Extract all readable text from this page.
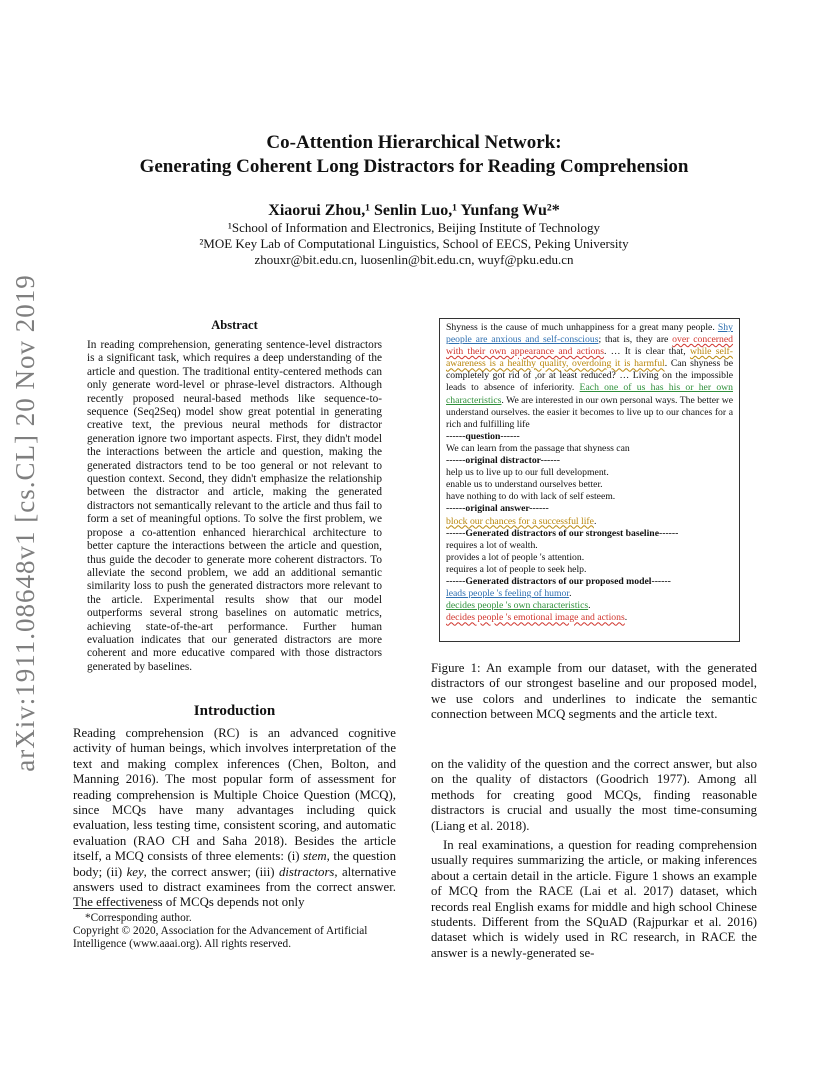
arXiv:1911.08648v1 [cs.CL] 20 Nov 2019
Co-Attention Hierarchical Network:
Generating Coherent Long Distractors for Reading Comprehension
Xiaorui Zhou,¹ Senlin Luo,¹ Yunfang Wu²*
¹School of Information and Electronics, Beijing Institute of Technology
²MOE Key Lab of Computational Linguistics, School of EECS, Peking University
zhouxr@bit.edu.cn, luosenlin@bit.edu.cn, wuyf@pku.edu.cn
Abstract

In reading comprehension, generating sentence-level distractors is a significant task, which requires a deep understanding of the article and question. The traditional entity-centered methods can only generate word-level or phrase-level distractors. Although recently proposed neural-based methods like sequence-to-sequence (Seq2Seq) model show great potential in generating creative text, the previous neural methods for distractor generation ignore two important aspects. First, they didn't model the interactions between the article and question, making the generated distractors tend to be too general or not relevant to question context. Second, they didn't emphasize the relationship between the distractor and article, making the generated distractors not semantically relevant to the article and thus fail to form a set of meaningful options. To solve the first problem, we propose a co-attention enhanced hierarchical architecture to better capture the interactions between the article and question, thus guide the decoder to generate more coherent distractors. To alleviate the second problem, we add an additional semantic similarity loss to push the generated distractors more relevant to the article. Experimental results show that our model outperforms several strong baselines on automatic metrics, achieving state-of-the-art performance. Further human evaluation indicates that our generated distractors are more coherent and more educative compared with those distractors generated by baselines.

Introduction

Reading comprehension (RC) is an advanced cognitive activity of human beings, which involves interpretation of the text and making complex inferences (Chen, Bolton, and Manning 2016). The most popular form of assessment for reading comprehension is Multiple Choice Question (MCQ), since MCQs have many advantages including quick evaluation, less testing time, consistent scoring, and automatic evaluation (RAO CH and Saha 2018). Besides the article itself, a MCQ consists of three elements: (i) stem, the question body; (ii) key, the correct answer; (iii) distractors, alternative answers used to distract examinees from the correct answer. The effectiveness of MCQs depends not only

*Corresponding author.
Copyright © 2020, Association for the Advancement of Artificial Intelligence (www.aaai.org). All rights reserved.
Shyness is the cause of much unhappiness for a great many people. Shy people are anxious and self-conscious; that is, they are over concerned with their own appearance and actions. … It is clear that, while self-awareness is a healthy quality, overdoing it is harmful. Can shyness be completely got rid of ,or at least reduced? … Living on the impossible leads to absence of inferiority. Each one of us has his or her own characteristics. We are interested in our own personal ways. The better we understand ourselves. the easier it becomes to live up to our chances for a rich and fulfilling life
------question------
We can learn from the passage that shyness can
------original distractor------
help us to live up to our full development.
enable us to understand ourselves better.
have nothing to do with lack of self esteem.
------original answer------
block our chances for a successful life.
------Generated distractors of our strongest baseline------
requires a lot of wealth.
provides a lot of people 's attention.
requires a lot of people to seek help.
------Generated distractors of our proposed model------
leads people 's feeling of humor.
decides people 's own characteristics.
decides people 's emotional image and actions.

Figure 1: An example from our dataset, with the generated distractors of our strongest baseline and our proposed model, we use colors and underlines to indicate the semantic connection between MCQ segments and the article text.

on the validity of the question and the correct answer, but also on the quality of distactors (Goodrich 1977). Among all methods for creating good MCQs, finding reasonable distractors is crucial and usually the most time-consuming (Liang et al. 2018).

In real examinations, a question for reading comprehension usually requires summarizing the article, or making inferences about a certain detail in the article. Figure 1 shows an example of MCQ from the RACE (Lai et al. 2017) dataset, which records real English exams for middle and high school Chinese students. Different from the SQuAD (Rajpurkar et al. 2016) dataset which is widely used in RC research, in RACE the answer is a newly-generated se-
